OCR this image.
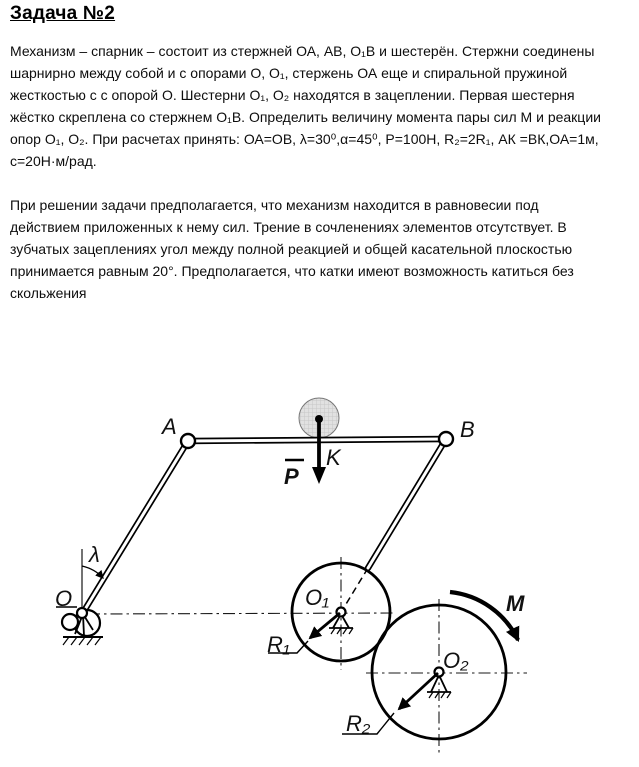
Задача №2
Механизм – спарник – состоит из стержней ОА, АВ, О₁В и шестерён. Стержни соединены
шарнирно между собой и с опорами О, О₁, стержень ОА еще и спиральной пружиной
жесткостью с с опорой О. Шестерни О₁, О₂ находятся в зацеплении. Первая шестерня
жёстко скреплена со стержнем О₁В. Определить величину момента пары сил М и реакции
опор О₁, О₂. При расчетах принять: ОА=ОВ, λ=30⁰,α=45⁰, Р=100Н, R₂=2R₁, АК =ВК,ОА=1м,
с=20Н·м/рад.
При решении задачи предполагается, что механизм находится в равновесии под
действием приложенных к нему сил. Трение в сочленениях элементов отсутствует. В
зубчатых зацеплениях угол между полной реакцией и общей касательной плоскостью
принимается равным 20°. Предполагается, что катки имеют возможность катиться без
скольжения
A	B
O	O₁
O₂
K
P
λ
M
R₁
R₂
